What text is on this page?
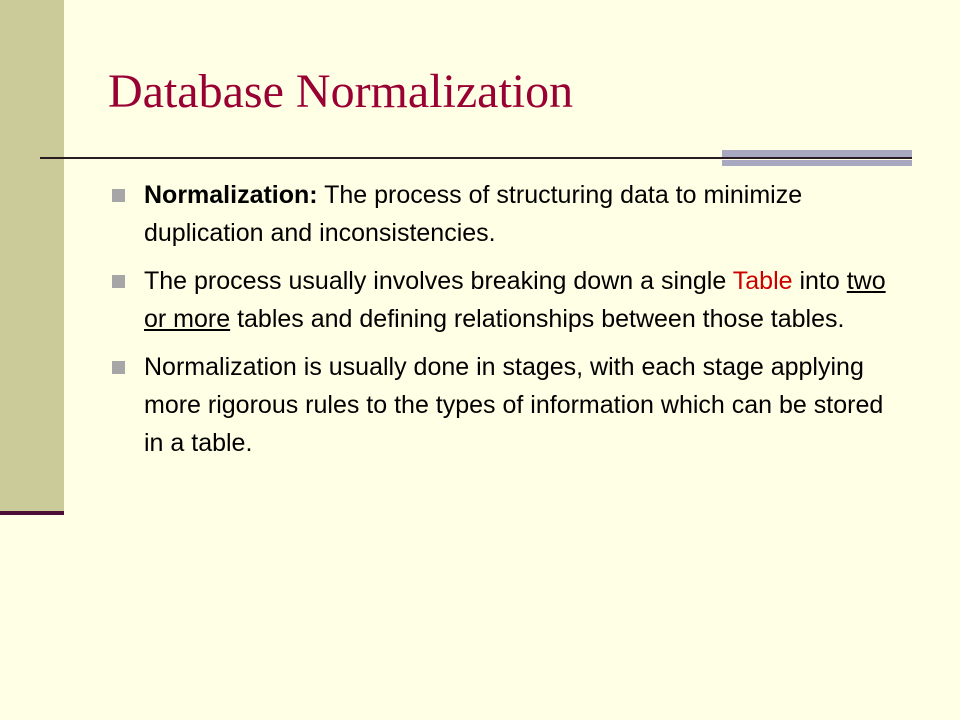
Database Normalization
Normalization: The process of structuring data to minimize duplication and inconsistencies.
The process usually involves breaking down a single Table into two or more tables and defining relationships between those tables.
Normalization is usually done in stages, with each stage applying more rigorous rules to the types of information which can be stored in a table.
